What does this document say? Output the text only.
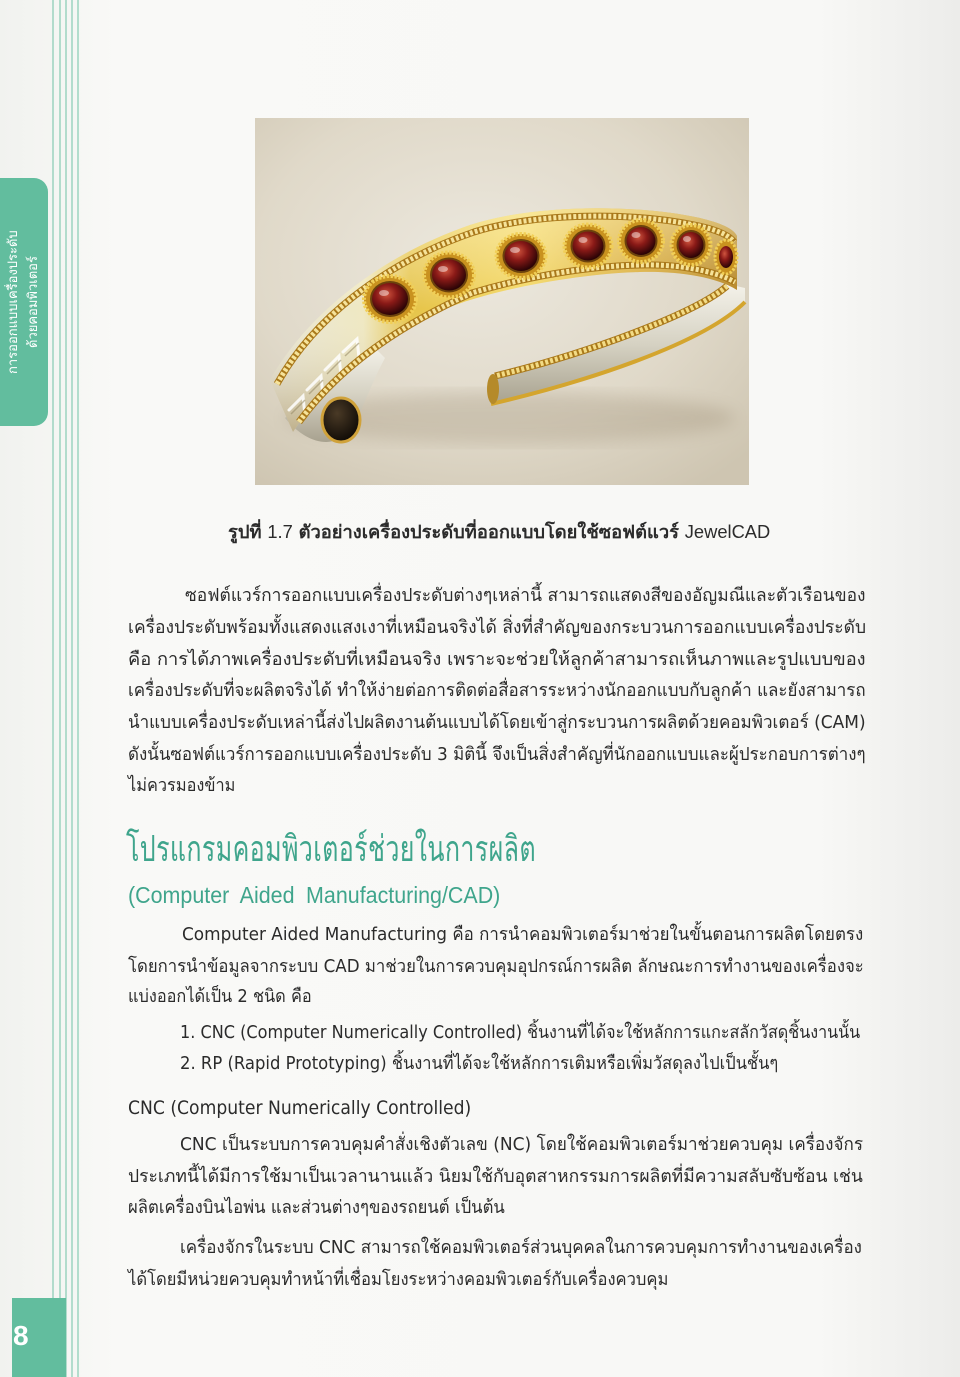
การออกแบบเครื่องประดับ ด้วยคอมพิวเตอร์
รูปที่ 1.7 ตัวอย่างเครื่องประดับที่ออกแบบโดยใช้ซอฟต์แวร์ JewelCAD
ซอฟต์แวร์การออกแบบเครื่องประดับต่างๆเหล่านี้ สามารถแสดงสีของอัญมณีและตัวเรือนของ
เครื่องประดับพร้อมทั้งแสดงแสงเงาที่เหมือนจริงได้ สิ่งที่สำคัญของกระบวนการออกแบบเครื่องประดับ
คือ การได้ภาพเครื่องประดับที่เหมือนจริง เพราะจะช่วยให้ลูกค้าสามารถเห็นภาพและรูปแบบของ
เครื่องประดับที่จะผลิตจริงได้ ทำให้ง่ายต่อการติดต่อสื่อสารระหว่างนักออกแบบกับลูกค้า และยังสามารถ
นำแบบเครื่องประดับเหล่านี้ส่งไปผลิตงานต้นแบบได้โดยเข้าสู่กระบวนการผลิตด้วยคอมพิวเตอร์ (CAM)
ดังนั้นซอฟต์แวร์การออกแบบเครื่องประดับ 3 มิตินี้ จึงเป็นสิ่งสำคัญที่นักออกแบบและผู้ประกอบการต่างๆ
ไม่ควรมองข้าม
โปรแกรมคอมพิวเตอร์ช่วยในการผลิต
(Computer Aided Manufacturing/CAD)
Computer Aided Manufacturing คือ การนำคอมพิวเตอร์มาช่วยในขั้นตอนการผลิตโดยตรง
โดยการนำข้อมูลจากระบบ CAD มาช่วยในการควบคุมอุปกรณ์การผลิต ลักษณะการทำงานของเครื่องจะ
แบ่งออกได้เป็น 2 ชนิด คือ
1. CNC (Computer Numerically Controlled) ชิ้นงานที่ได้จะใช้หลักการแกะสลักวัสดุชิ้นงานนั้น
2. RP (Rapid Prototyping) ชิ้นงานที่ได้จะใช้หลักการเติมหรือเพิ่มวัสดุลงไปเป็นชั้นๆ
CNC (Computer Numerically Controlled)
CNC เป็นระบบการควบคุมคำสั่งเชิงตัวเลข (NC) โดยใช้คอมพิวเตอร์มาช่วยควบคุม เครื่องจักร
ประเภทนี้ได้มีการใช้มาเป็นเวลานานแล้ว นิยมใช้กับอุตสาหกรรมการผลิตที่มีความสลับซับซ้อน เช่น
ผลิตเครื่องบินไอพ่น และส่วนต่างๆของรถยนต์ เป็นต้น
เครื่องจักรในระบบ CNC สามารถใช้คอมพิวเตอร์ส่วนบุคคลในการควบคุมการทำงานของเครื่อง
ได้โดยมีหน่วยควบคุมทำหน้าที่เชื่อมโยงระหว่างคอมพิวเตอร์กับเครื่องควบคุม
8
